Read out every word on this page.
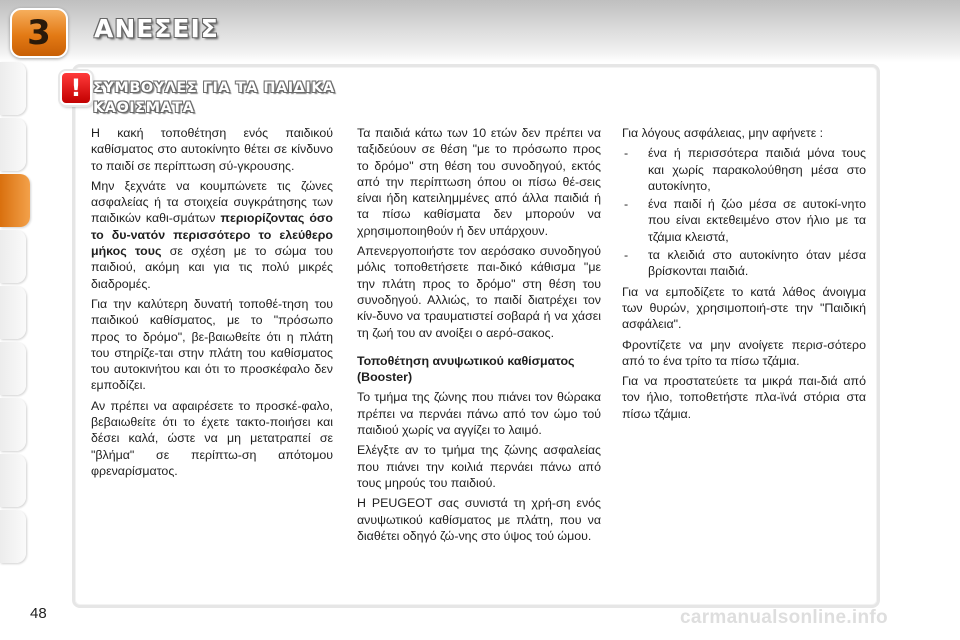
3 ΑΝΕΣΕΙΣ
! ΣΥΜΒΟΥΛΕΣ ΓΙΑ ΤΑ ΠΑΙΔΙΚΑ
ΚΑΘΙΣΜΑΤΑ

Η κακή τοποθέτηση ενός παιδικού καθίσματος στο αυτοκίνητο θέτει σε κίνδυνο το παιδί σε περίπτωση σύ-γκρουσης.

Μην ξεχνάτε να κουμπώνετε τις ζώνες ασφαλείας ή τα στοιχεία συγκράτησης των παιδικών καθι-σμάτων περιορίζοντας όσο το δυ-νατόν περισσότερο το ελεύθερο μήκος τους σε σχέση με το σώμα του παιδιού, ακόμη και για τις πολύ μικρές διαδρομές.

Για την καλύτερη δυνατή τοποθέ-τηση του παιδικού καθίσματος, με το "πρόσωπο προς το δρόμο", βε-βαιωθείτε ότι η πλάτη του στηρίζε-ται στην πλάτη του καθίσματος του αυτοκινήτου και ότι το προσκέφαλο δεν εμποδίζει.

Αν πρέπει να αφαιρέσετε το προσκέ-φαλο, βεβαιωθείτε ότι το έχετε τακτο-ποιήσει και δέσει καλά, ώστε να μη μετατραπεί σε "βλήμα" σε περίπτω-ση απότομου φρεναρίσματος.

Τα παιδιά κάτω των 10 ετών δεν πρέπει να ταξιδεύουν σε θέση "με το πρόσωπο προς το δρόμο" στη θέση του συνοδηγού, εκτός από την περίπτωση όπου οι πίσω θέ-σεις είναι ήδη κατειλημμένες από άλλα παιδιά ή τα πίσω καθίσματα δεν μπορούν να χρησιμοποιηθούν ή δεν υπάρχουν.

Απενεργοποιήστε τον αερόσακο συνοδηγού μόλις τοποθετήσετε παι-δικό κάθισμα "με την πλάτη προς το δρόμο" στη θέση του συνοδηγού. Αλλιώς, το παιδί διατρέχει τον κίν-δυνο να τραυματιστεί σοβαρά ή να χάσει τη ζωή του αν ανοίξει ο αερό-σακος.

Τοποθέτηση ανυψωτικού καθίσματος (Booster)

Το τμήμα της ζώνης που πιάνει τον θώρακα πρέπει να περνάει πάνω από τον ώμο τού παιδιού χωρίς να αγγίζει το λαιμό.

Ελέγξτε αν το τμήμα της ζώνης ασφαλείας που πιάνει την κοιλιά περνάει πάνω από τους μηρούς του παιδιού.

Η PEUGEOT σας συνιστά τη χρή-ση ενός ανυψωτικού καθίσματος με πλάτη, που να διαθέτει οδηγό ζώ-νης στο ύψος τού ώμου.

Για λόγους ασφάλειας, μην αφήνετε :

- ένα ή περισσότερα παιδιά μόνα τους και χωρίς παρακολούθηση μέσα στο αυτοκίνητο,
- ένα παιδί ή ζώο μέσα σε αυτοκί-νητο που είναι εκτεθειμένο στον ήλιο με τα τζάμια κλειστά,
- τα κλειδιά στο αυτοκίνητο όταν μέσα βρίσκονται παιδιά.

Για να εμποδίζετε το κατά λάθος άνοιγμα των θυρών, χρησιμοποιή-στε την "Παιδική ασφάλεια".

Φροντίζετε να μην ανοίγετε περισ-σότερο από το ένα τρίτο τα πίσω τζάμια.

Για να προστατεύετε τα μικρά παι-διά από τον ήλιο, τοποθετήστε πλα-ϊνά στόρια στα πίσω τζάμια.

48	carmanualsonline.info
